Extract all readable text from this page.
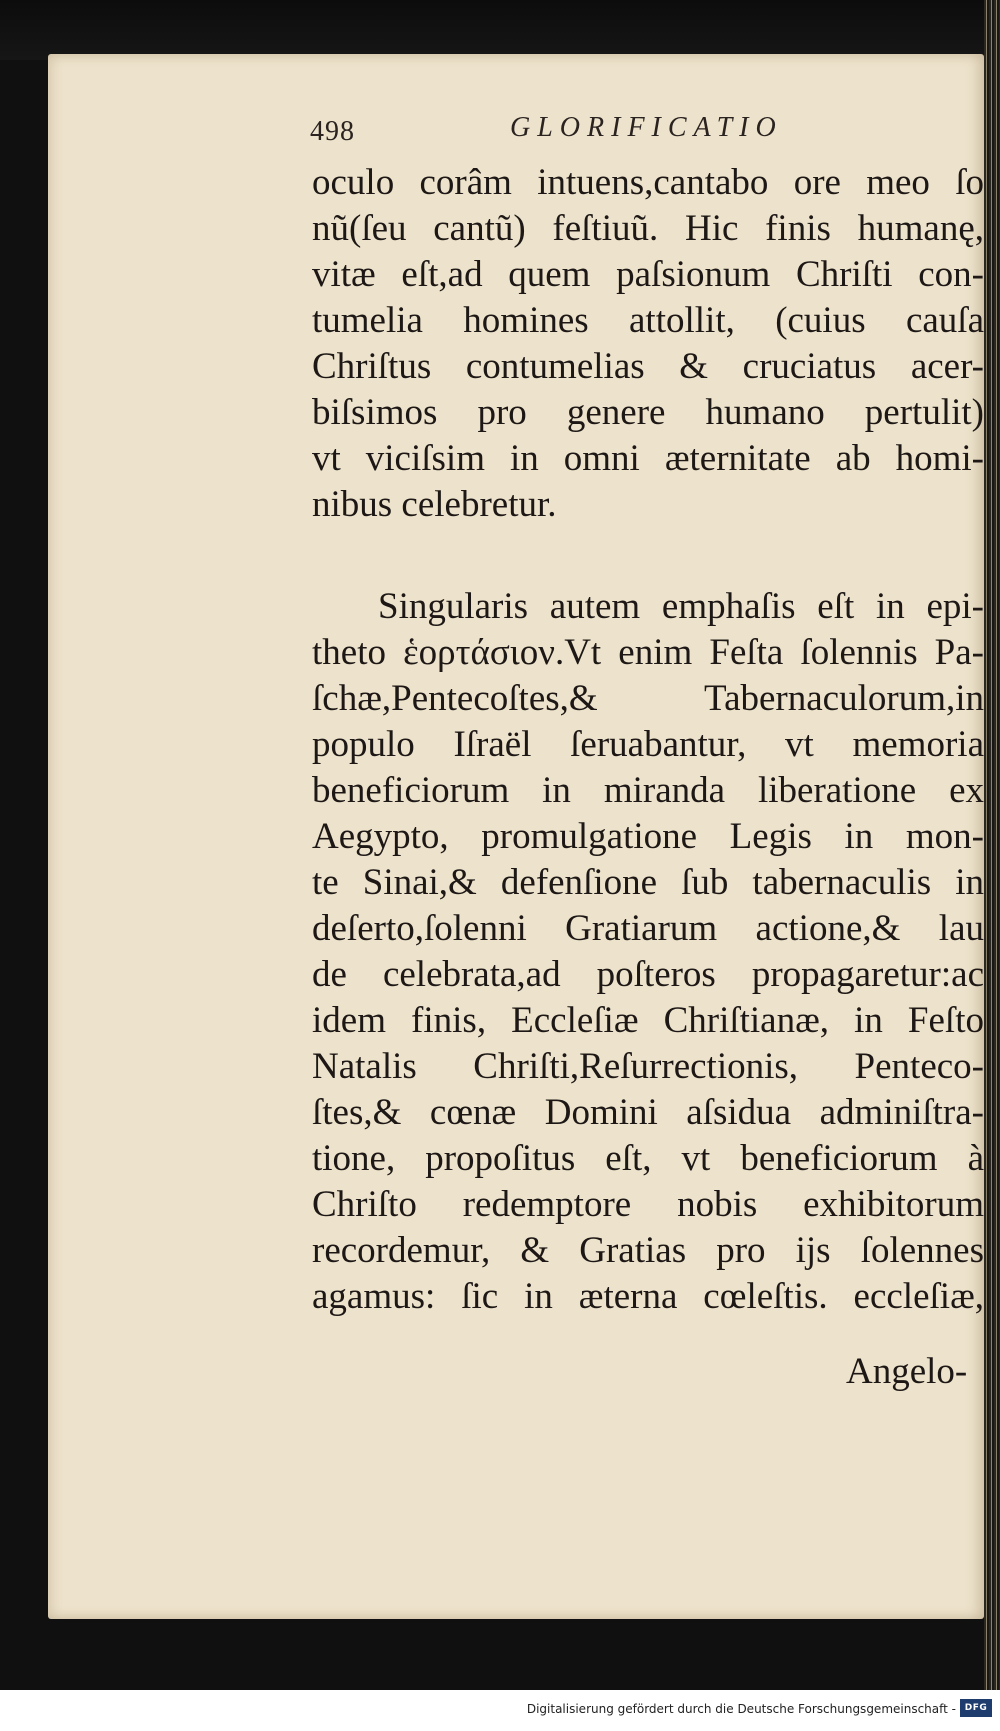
498	GLORIFICATIO
oculo corâm intuens,cantabo ore meo ſo
nũ(ſeu cantũ) feſtiuũ. Hic finis humanę,
vitæ eſt,ad quem paſsionum Chriſti con-
tumelia homines attollit, (cuius cauſa
Chriſtus contumelias & cruciatus acer-
biſsimos pro genere humano pertulit)
vt viciſsim in omni æternitate ab homi-
nibus celebretur.
Singularis autem emphaſis eſt in epi-
theto ἑορτάσιον.Vt enim Feſta ſolennis Pa-
ſchæ,Pentecoſtes,& Tabernaculorum,in
populo Iſraël ſeruabantur, vt memoria
beneficiorum in miranda liberatione ex
Aegypto, promulgatione Legis in mon-
te Sinai,& defenſione ſub tabernaculis in
deſerto,ſolenni Gratiarum actione,& lau
de celebrata,ad poſteros propagaretur:ac
idem finis, Eccleſiæ Chriſtianæ, in Feſto
Natalis Chriſti,Reſurrectionis, Penteco-
ſtes,& cœnæ Domini aſsidua adminiſtra-
tione, propoſitus eſt, vt beneficiorum à
Chriſto redemptore nobis exhibitorum
recordemur, & Gratias pro ijs ſolennes
agamus: ſic in æterna cœleſtis. eccleſiæ,
Angelo-
Digitalisierung gefördert durch die Deutsche Forschungsgemeinschaft - DFG
